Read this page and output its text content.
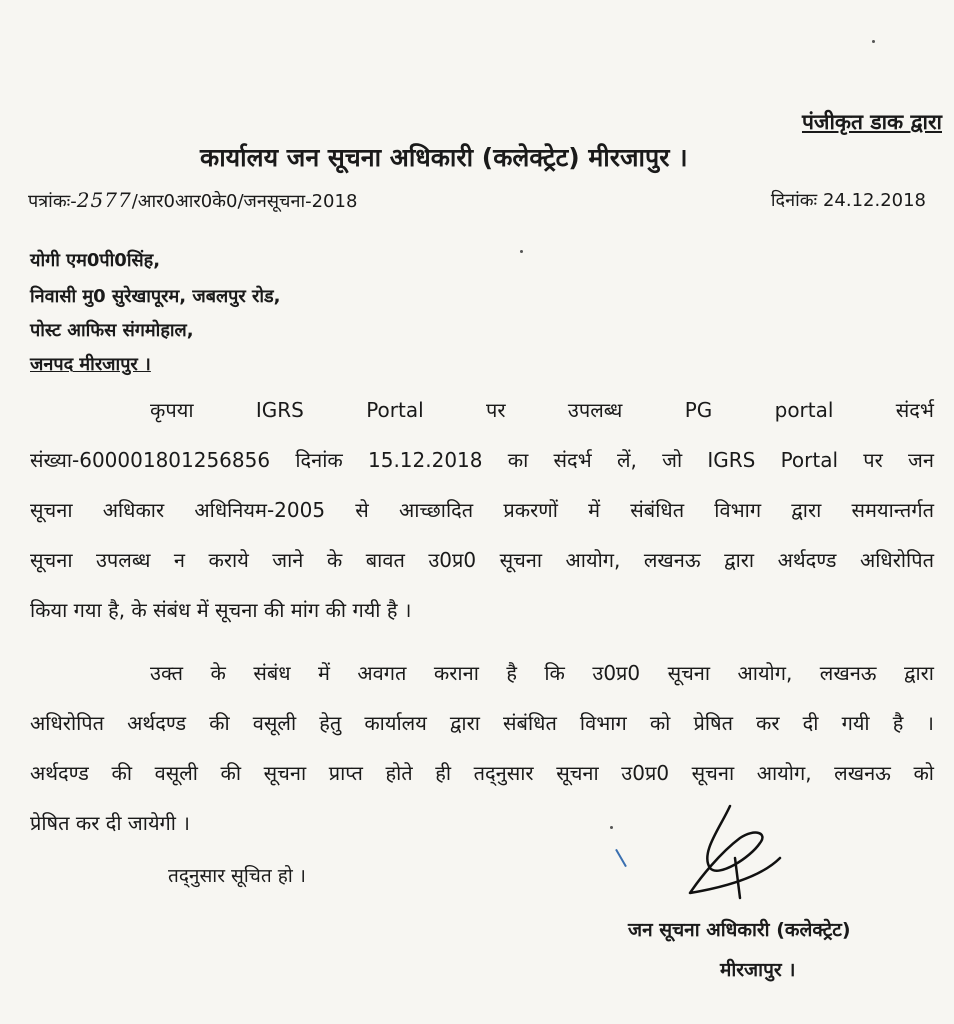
पंजीकृत डाक द्वारा
कार्यालय जन सूचना अधिकारी (कलेक्ट्रेट) मीरजापुर ।
पत्रांकः-2577/आर0आर0के0/जनसूचना-2018	दिनांकः 24.12.2018
योगी एम0पी0सिंह,
निवासी मु0 सुरेखापूरम, जबलपुर रोड,
पोस्ट आफिस संगमोहाल,
जनपद मीरजापुर ।
कृपया IGRS Portal पर उपलब्ध PG portal संदर्भ
संख्या-600001801256856 दिनांक 15.12.2018 का संदर्भ लें, जो IGRS Portal पर जन
सूचना अधिकार अधिनियम-2005 से आच्छादित प्रकरणों में संबंधित विभाग द्वारा समयान्तर्गत
सूचना उपलब्ध न कराये जाने के बावत उ0प्र0 सूचना आयोग, लखनऊ द्वारा अर्थदण्ड अधिरोपित
किया गया है, के संबंध में सूचना की मांग की गयी है ।
उक्त के संबंध में अवगत कराना है कि उ0प्र0 सूचना आयोग, लखनऊ द्वारा
अधिरोपित अर्थदण्ड की वसूली हेतु कार्यालय द्वारा संबंधित विभाग को प्रेषित कर दी गयी है ।
अर्थदण्ड की वसूली की सूचना प्राप्त होते ही तद्नुसार सूचना उ0प्र0 सूचना आयोग, लखनऊ को
प्रेषित कर दी जायेगी ।
तद्नुसार सूचित हो ।
जन सूचना अधिकारी (कलेक्ट्रेट)
मीरजापुर ।
